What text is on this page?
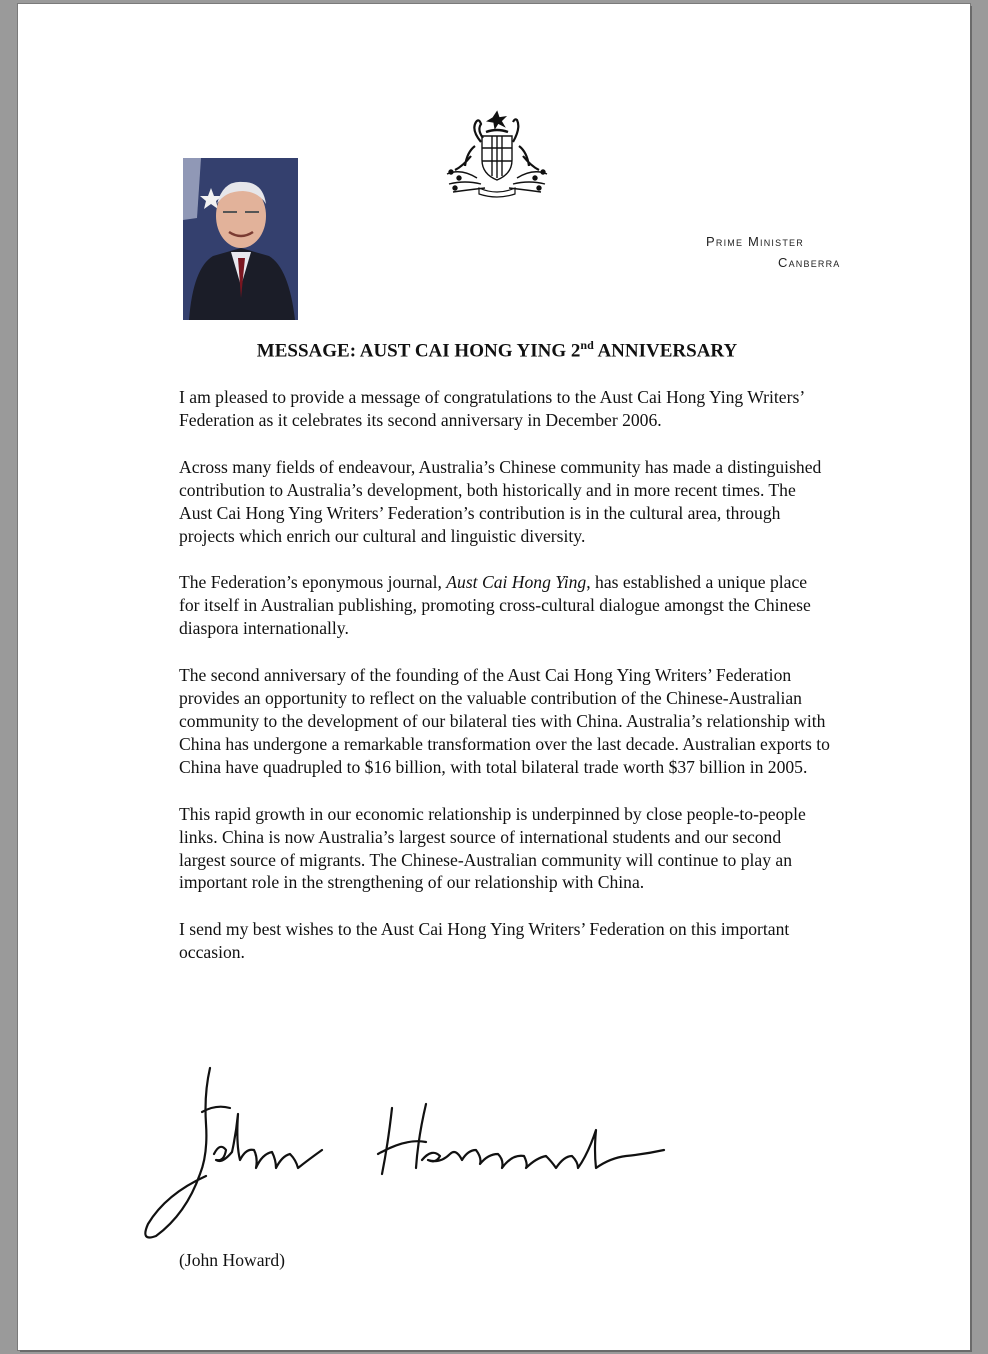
Prime Minister
Canberra
MESSAGE: AUST CAI HONG YING 2nd ANNIVERSARY

I am pleased to provide a message of congratulations to the Aust Cai Hong Ying Writers’ Federation as it celebrates its second anniversary in December 2006.

Across many fields of endeavour, Australia’s Chinese community has made a distinguished contribution to Australia’s development, both historically and in more recent times. The Aust Cai Hong Ying Writers’ Federation’s contribution is in the cultural area, through projects which enrich our cultural and linguistic diversity.

The Federation’s eponymous journal, Aust Cai Hong Ying, has established a unique place for itself in Australian publishing, promoting cross-cultural dialogue amongst the Chinese diaspora internationally.

The second anniversary of the founding of the Aust Cai Hong Ying Writers’ Federation provides an opportunity to reflect on the valuable contribution of the Chinese-Australian community to the development of our bilateral ties with China. Australia’s relationship with China has undergone a remarkable transformation over the last decade. Australian exports to China have quadrupled to $16 billion, with total bilateral trade worth $37 billion in 2005.

This rapid growth in our economic relationship is underpinned by close people-to-people links. China is now Australia’s largest source of international students and our second largest source of migrants. The Chinese-Australian community will continue to play an important role in the strengthening of our relationship with China.

I send my best wishes to the Aust Cai Hong Ying Writers’ Federation on this important occasion.

(John Howard)
